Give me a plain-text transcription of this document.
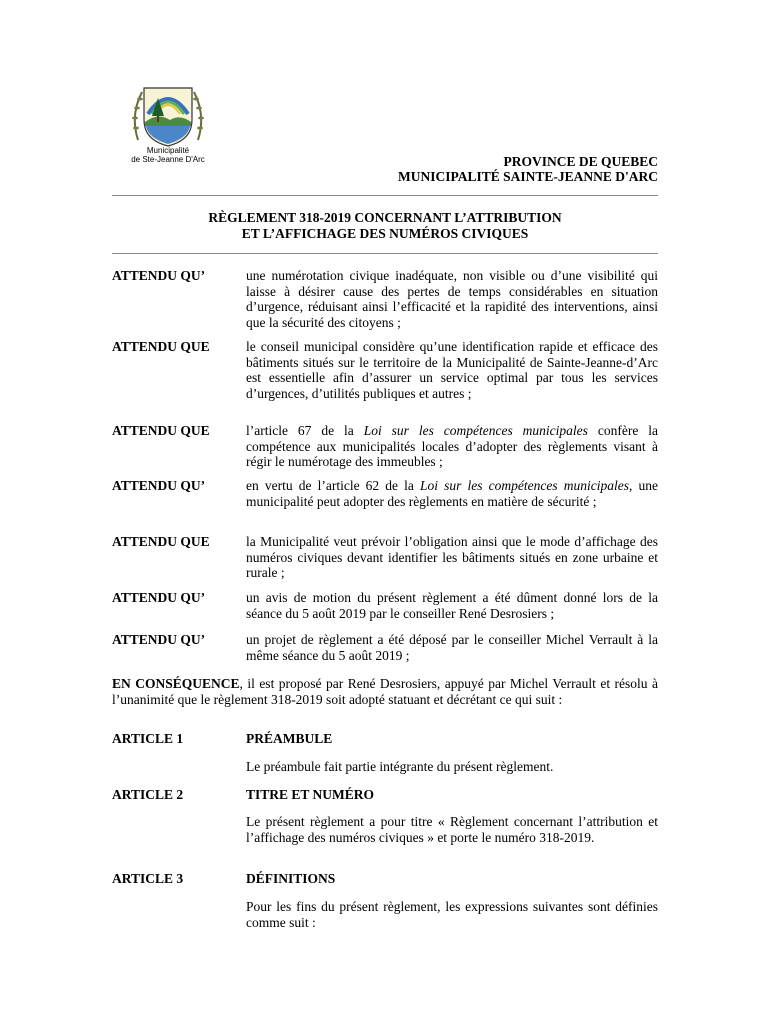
Municipalité
de Ste-Jeanne D'Arc	PROVINCE DE QUEBEC
MUNICIPALITÉ SAINTE-JEANNE D'ARC
RÈGLEMENT 318-2019 CONCERNANT L’ATTRIBUTION
ET L’AFFICHAGE DES NUMÉROS CIVIQUES
ATTENDU QU’	une numérotation civique inadéquate, non visible ou d’une visibilité qui laisse à désirer cause des pertes de temps considérables en situation d’urgence, réduisant ainsi l’efficacité et la rapidité des interventions, ainsi que la sécurité des citoyens ;
ATTENDU QUE	le conseil municipal considère qu’une identification rapide et efficace des bâtiments situés sur le territoire de la Municipalité de Sainte-Jeanne-d’Arc est essentielle afin d’assurer un service optimal par tous les services d’urgences, d’utilités publiques et autres ;
ATTENDU QUE	l’article 67 de la Loi sur les compétences municipales confère la compétence aux municipalités locales d’adopter des règlements visant à régir le numérotage des immeubles ;
ATTENDU QU’	en vertu de l’article 62 de la Loi sur les compétences municipales, une municipalité peut adopter des règlements en matière de sécurité ;
ATTENDU QUE	la Municipalité veut prévoir l’obligation ainsi que le mode d’affichage des numéros civiques devant identifier les bâtiments situés en zone urbaine et rurale ;
ATTENDU QU’	un avis de motion du présent règlement a été dûment donné lors de la séance du 5 août 2019 par le conseiller René Desrosiers ;
ATTENDU QU’	un projet de règlement a été déposé par le conseiller Michel Verrault à la même séance du 5 août 2019 ;
EN CONSÉQUENCE, il est proposé par René Desrosiers, appuyé par Michel Verrault et résolu à l’unanimité que le règlement 318-2019 soit adopté statuant et décrétant ce qui suit :
ARTICLE 1	PRÉAMBULE
Le préambule fait partie intégrante du présent règlement.
ARTICLE 2	TITRE ET NUMÉRO
Le présent règlement a pour titre « Règlement concernant l’attribution et l’affichage des numéros civiques » et porte le numéro 318-2019.
ARTICLE 3	DÉFINITIONS
Pour les fins du présent règlement, les expressions suivantes sont définies comme suit :
